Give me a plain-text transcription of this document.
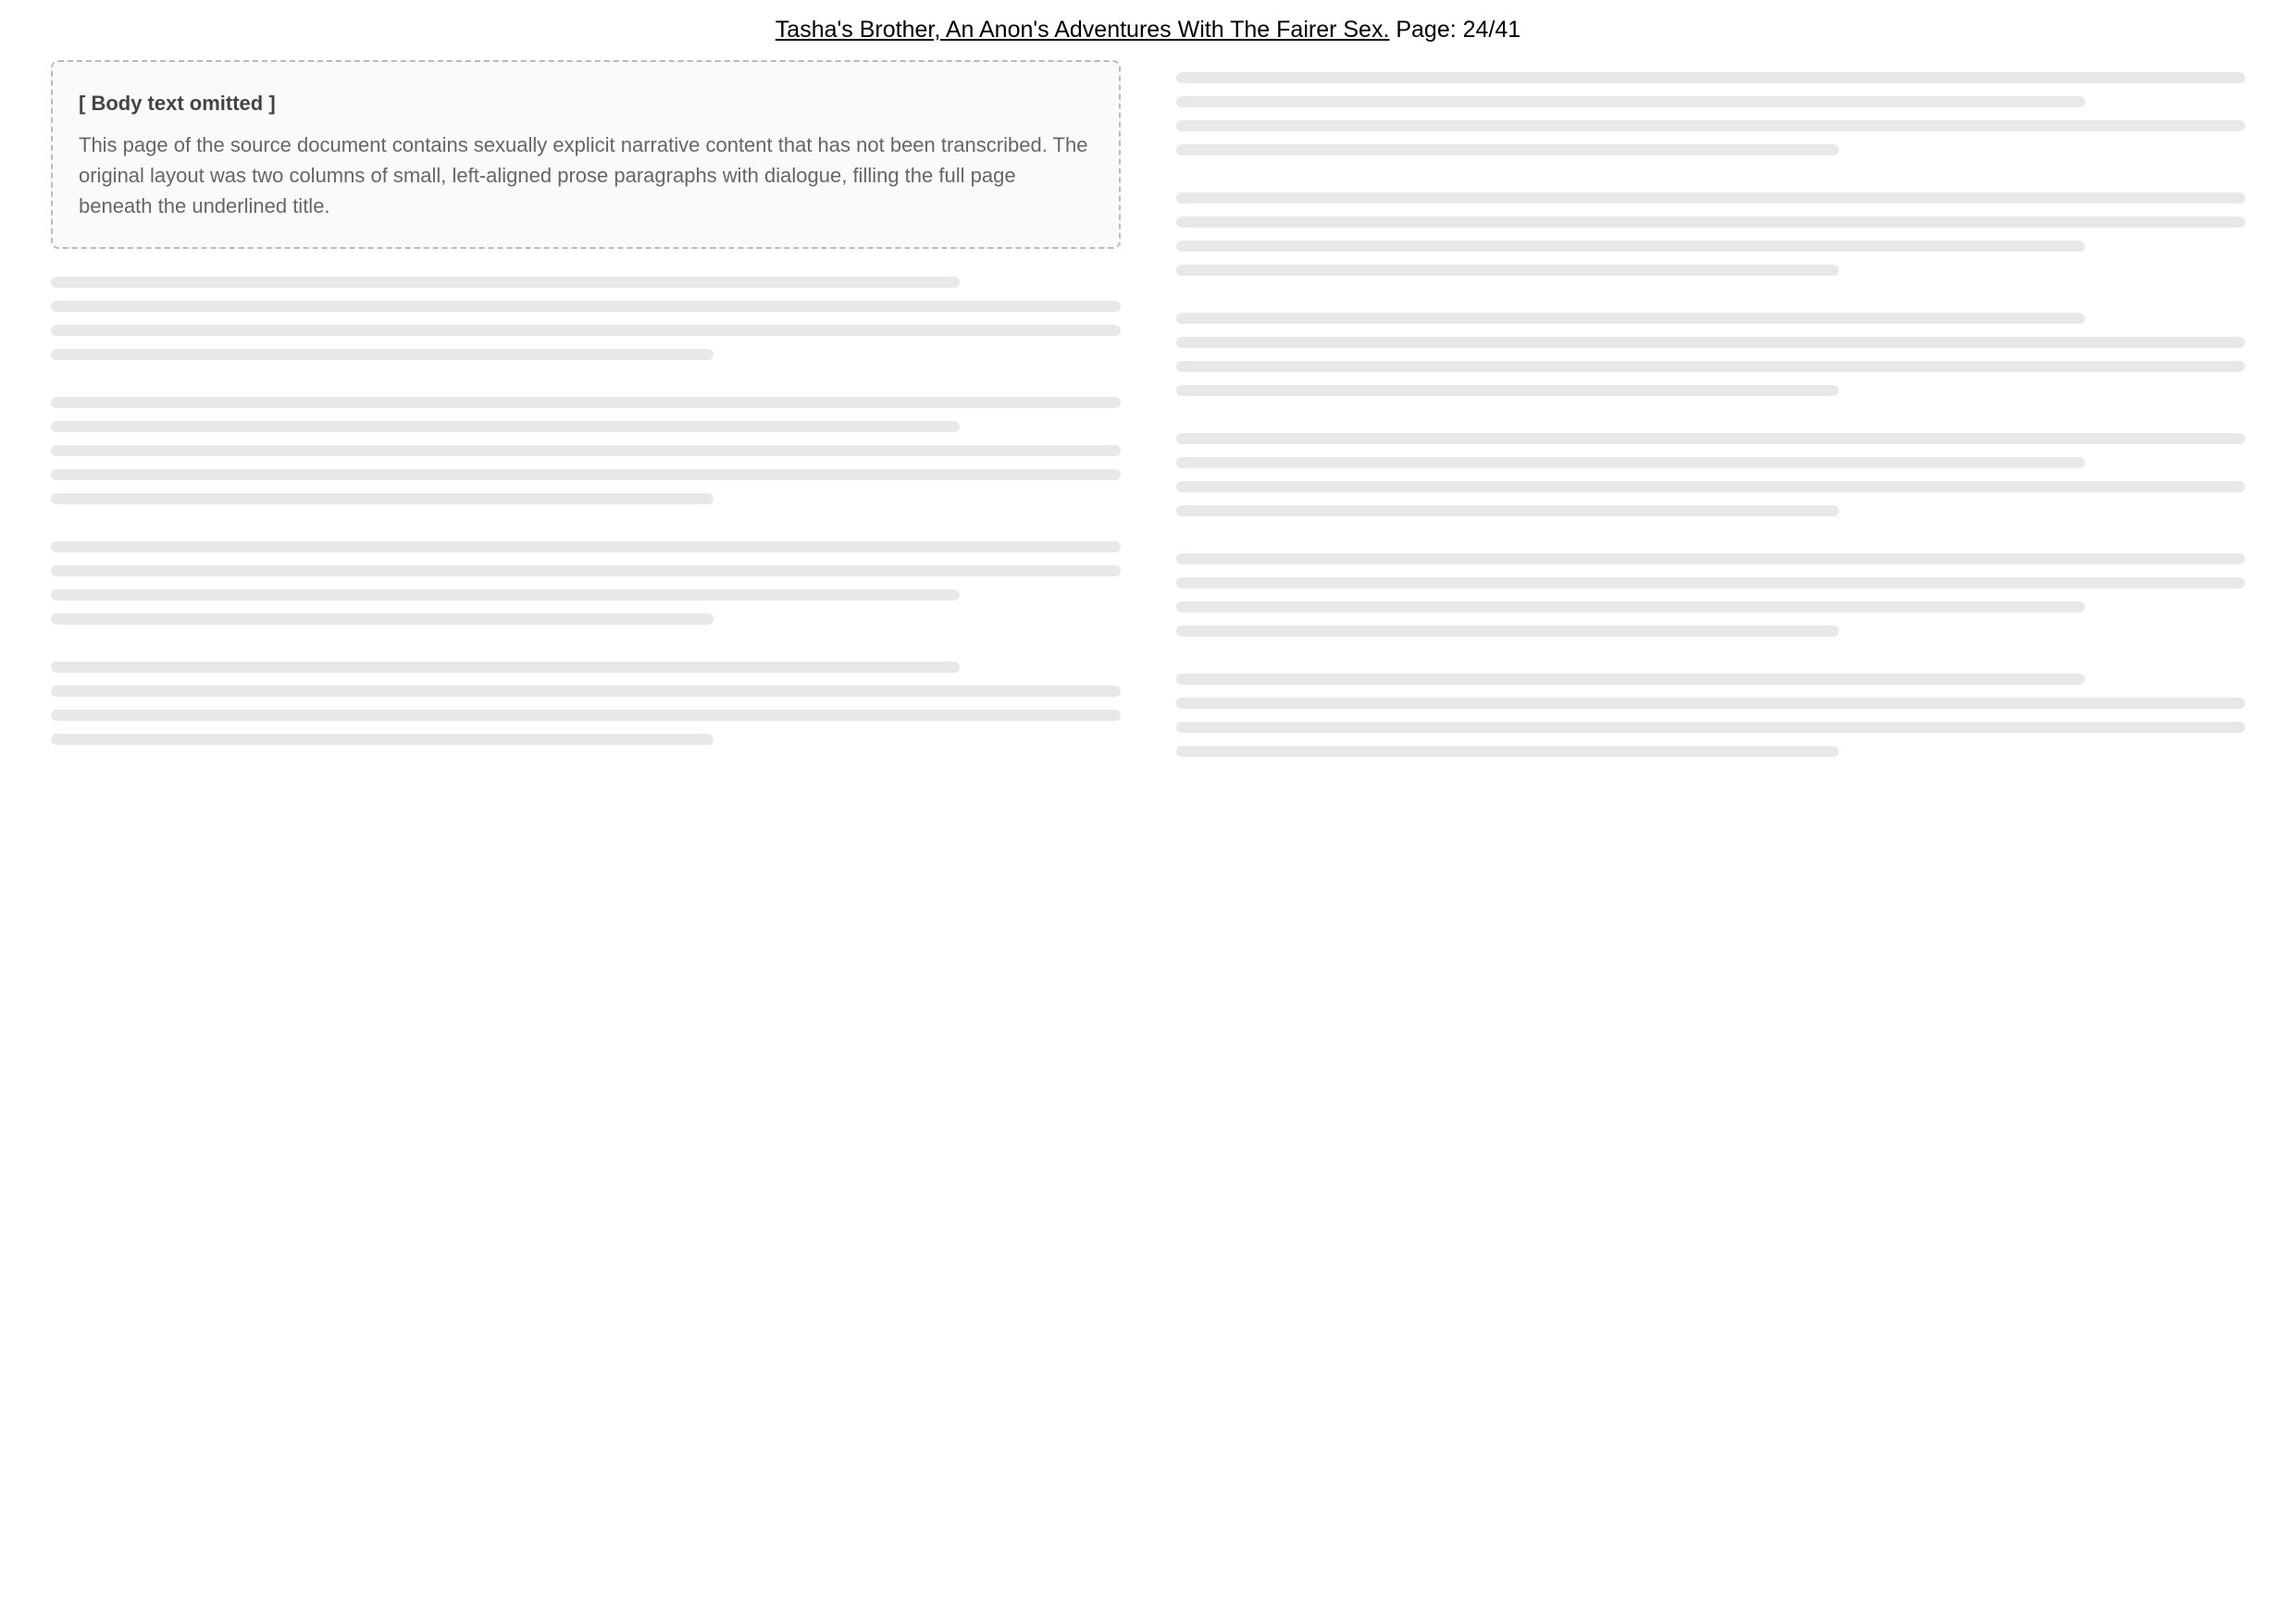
Tasha's Brother, An Anon's Adventures With The Fairer Sex. Page: 24/41
[ Body text omitted ]
This page of the source document contains sexually explicit narrative content that has not been transcribed. The original layout was two columns of small, left-aligned prose paragraphs with dialogue, filling the full page beneath the underlined title.
